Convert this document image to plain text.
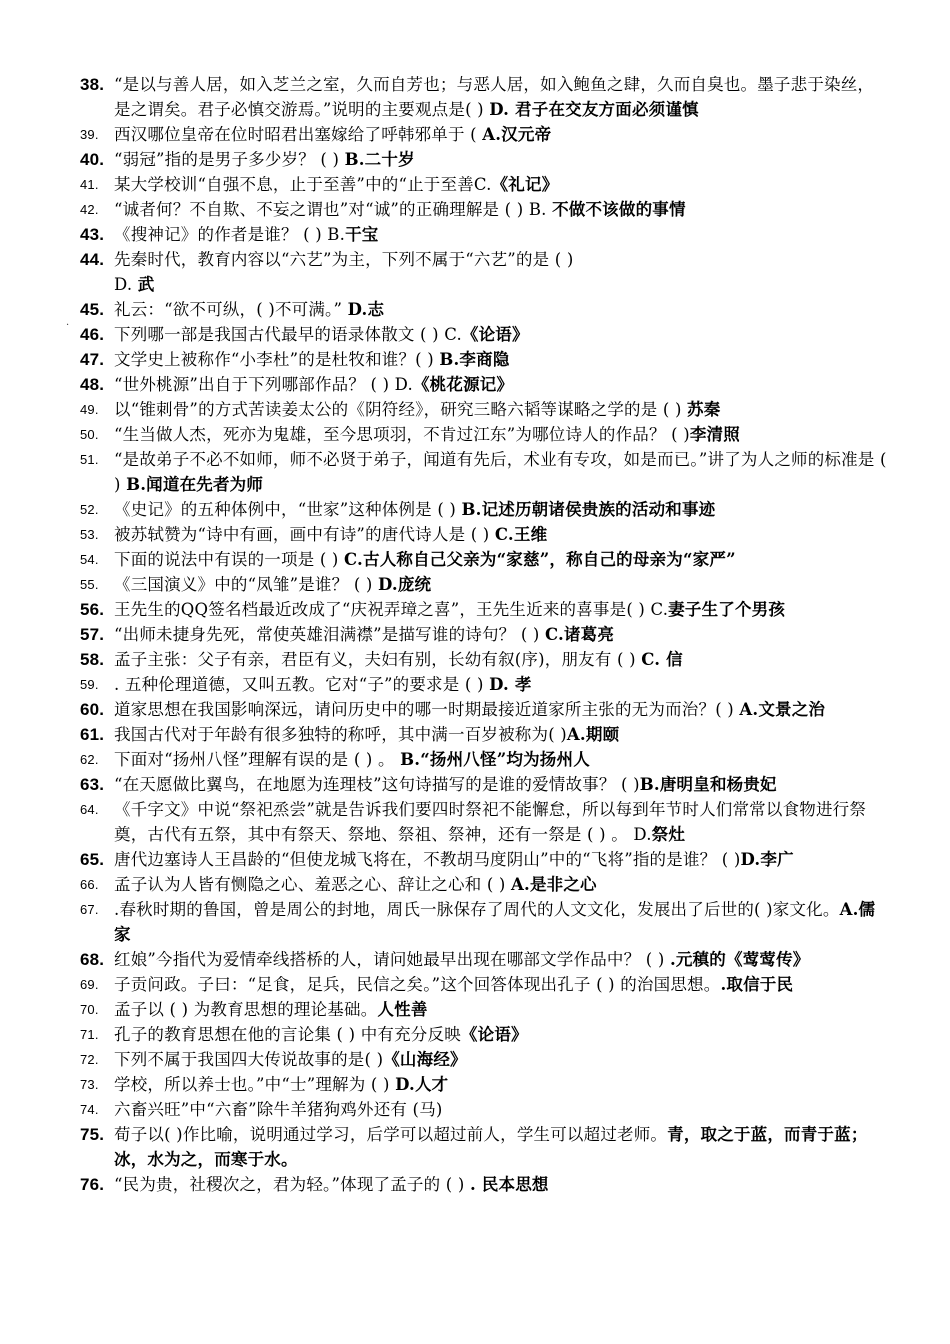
38. “是以与善人居，如入芝兰之室，久而自芳也；与恶人居，如入鲍鱼之肆，久而自臭也。墨子悲于染丝，是之谓矣。君子必慎交游焉。”说明的主要观点是( ) D. 君子在交友方面必须谨慎
39. 西汉哪位皇帝在位时昭君出塞嫁给了呼韩邪单于 ( A.汉元帝
40. “弱冠”指的是男子多少岁？ ( ) B.二十岁
41. 某大学校训“自强不息，止于至善”中的“止于至善C.《礼记》
42. “诚者何？不自欺、不妄之谓也”对“诚”的正确理解是 ( ) B. 不做不该做的事情
43. 《搜神记》的作者是谁？ ( ) B.干宝
44. 先秦时代，教育内容以“六艺”为主，下列不属于“六艺”的是 ( )
D. 武
45. 礼云：“欲不可纵，( )不可满。” D.志
46. 下列哪一部是我国古代最早的语录体散文 ( ) C.《论语》
47. 文学史上被称作“小李杜”的是杜牧和谁？( ) B.李商隐
48. “世外桃源”出自于下列哪部作品？ ( ) D.《桃花源记》
49. 以“锥刺骨”的方式苦读姜太公的《阴符经》，研究三略六韬等谋略之学的是 ( ) 苏秦
50. “生当做人杰，死亦为鬼雄，至今思项羽，不肯过江东”为哪位诗人的作品？ ( )李清照
51. “是故弟子不必不如师，师不必贤于弟子，闻道有先后，术业有专攻，如是而已。”讲了为人之师的标准是 ( ) B.闻道在先者为师
52. 《史记》的五种体例中，“世家”这种体例是 ( ) B.记述历朝诸侯贵族的活动和事迹
53. 被苏轼赞为“诗中有画，画中有诗”的唐代诗人是 ( ) C.王维
54. 下面的说法中有误的一项是 ( ) C.古人称自己父亲为“家慈”，称自己的母亲为“家严”
55. 《三国演义》中的“凤雏”是谁？ ( ) D.庞统
56. 王先生的QQ签名档最近改成了“庆祝弄璋之喜”，王先生近来的喜事是( ) C.妻子生了个男孩
57. “出师未捷身先死，常使英雄泪满襟”是描写谁的诗句？ ( ) C.诸葛亮
58. 孟子主张：父子有亲，君臣有义，夫妇有别，长幼有叙(序)，朋友有 ( ) C. 信
59. . 五种伦理道德，又叫五教。它对“子”的要求是 ( ) D. 孝
60. 道家思想在我国影响深远，请问历史中的哪一时期最接近道家所主张的无为而治？( ) A.文景之治
61. 我国古代对于年龄有很多独特的称呼，其中满一百岁被称为( )A.期颐
62. 下面对“扬州八怪”理解有误的是 ( ) 。 B.“扬州八怪”均为扬州人
63. “在天愿做比翼鸟，在地愿为连理枝”这句诗描写的是谁的爱情故事？ ( )B.唐明皇和杨贵妃
64. 《千字文》中说“祭祀烝尝”就是告诉我们要四时祭祀不能懈怠，所以每到年节时人们常常以食物进行祭奠，古代有五祭，其中有祭天、祭地、祭祖、祭神，还有一祭是 ( ) 。 D.祭灶
65. 唐代边塞诗人王昌龄的“但使龙城飞将在，不教胡马度阴山”中的“飞将”指的是谁？ ( )D.李广
66. 孟子认为人皆有恻隐之心、羞恶之心、辞让之心和 ( ) A.是非之心
67. .春秋时期的鲁国，曾是周公的封地，周氏一脉保存了周代的人文文化，发展出了后世的( )家文化。A.儒家
68. 红娘”今指代为爱情牵线搭桥的人，请问她最早出现在哪部文学作品中？ ( ) .元稹的《莺莺传》
69. 子贡问政。子曰：“足食，足兵，民信之矣。”这个回答体现出孔子 ( ) 的治国思想。.取信于民
70. 孟子以 ( ) 为教育思想的理论基础。人性善
71. 孔子的教育思想在他的言论集 ( ) 中有充分反映《论语》
72. 下列不属于我国四大传说故事的是( )《山海经》
73. 学校，所以养士也。”中“士”理解为 ( ) D.人才
74. 六畜兴旺”中“六畜”除牛羊猪狗鸡外还有 (马)
75. 荀子以( )作比喻，说明通过学习，后学可以超过前人，学生可以超过老师。青，取之于蓝，而青于蓝；冰，水为之，而寒于水。
76. “民为贵，社稷次之，君为轻。”体现了孟子的 ( ) . 民本思想
·
